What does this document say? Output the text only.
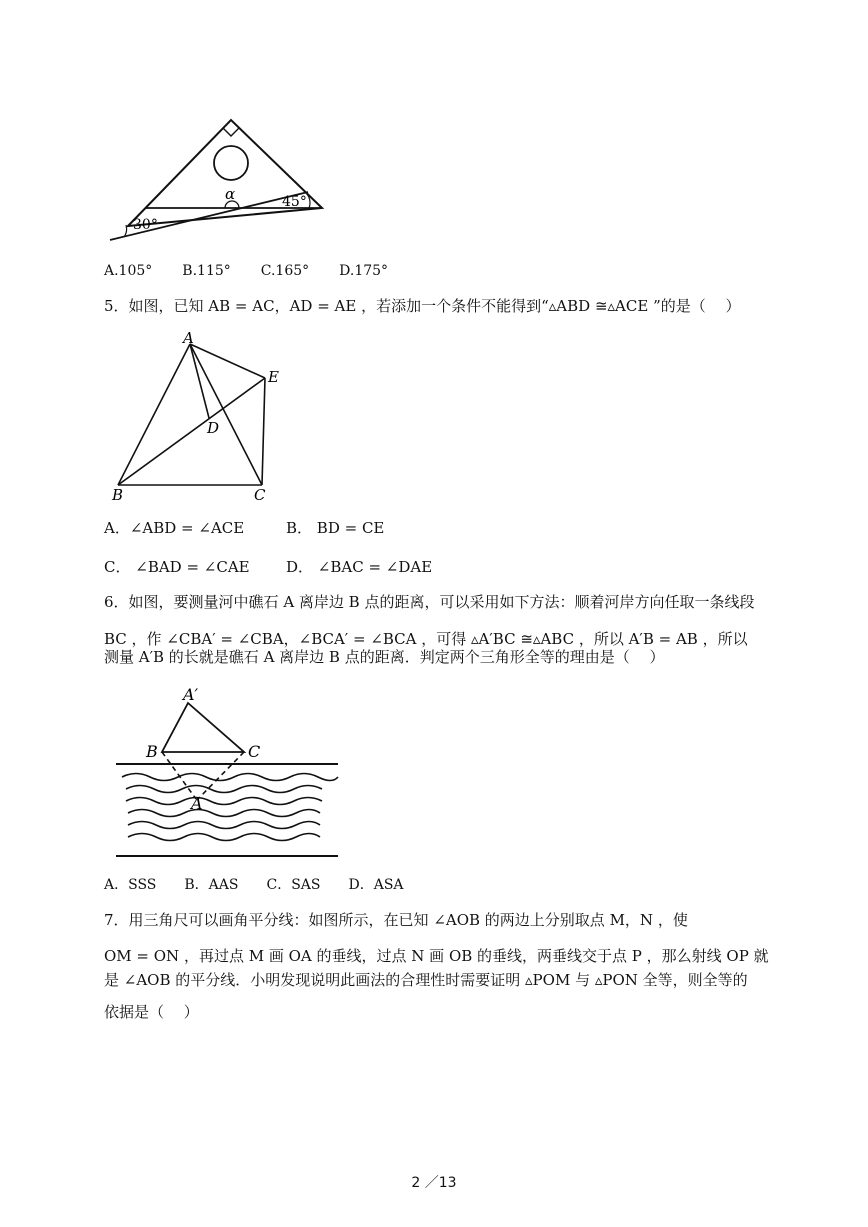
α
30°
45°
A.105° B.115° C.165° D.175°
5．如图，已知 AB = AC，AD = AE ，若添加一个条件不能得到“▵ABD ≅▵ACE ”的是（　 ）
A
E
D
B	C
A．∠ABD = ∠ACE	B． BD = CE
C． ∠BAD = ∠CAE D． ∠BAC = ∠DAE
6．如图，要测量河中礁石 A 离岸边 B 点的距离，可以采用如下方法：顺着河岸方向任取一条线段
BC ，作 ∠CBA′ = ∠CBA，∠BCA′ = ∠BCA ，可得 ▵A′BC ≅▵ABC ，所以 A′B = AB ，所以
测量 A′B 的长就是礁石 A 离岸边 B 点的距离．判定两个三角形全等的理由是（　 ）
A′
B	C
A
A．SSS　　B．AAS　　C．SAS　　D．ASA
7．用三角尺可以画角平分线：如图所示，在已知 ∠AOB 的两边上分别取点 M，N ，使
OM = ON ，再过点 M 画 OA 的垂线，过点 N 画 OB 的垂线，两垂线交于点 P ，那么射线 OP 就
是 ∠AOB 的平分线．小明发现说明此画法的合理性时需要证明 ▵POM 与 ▵PON 全等，则全等的
依据是（　 ）
2 ／13
